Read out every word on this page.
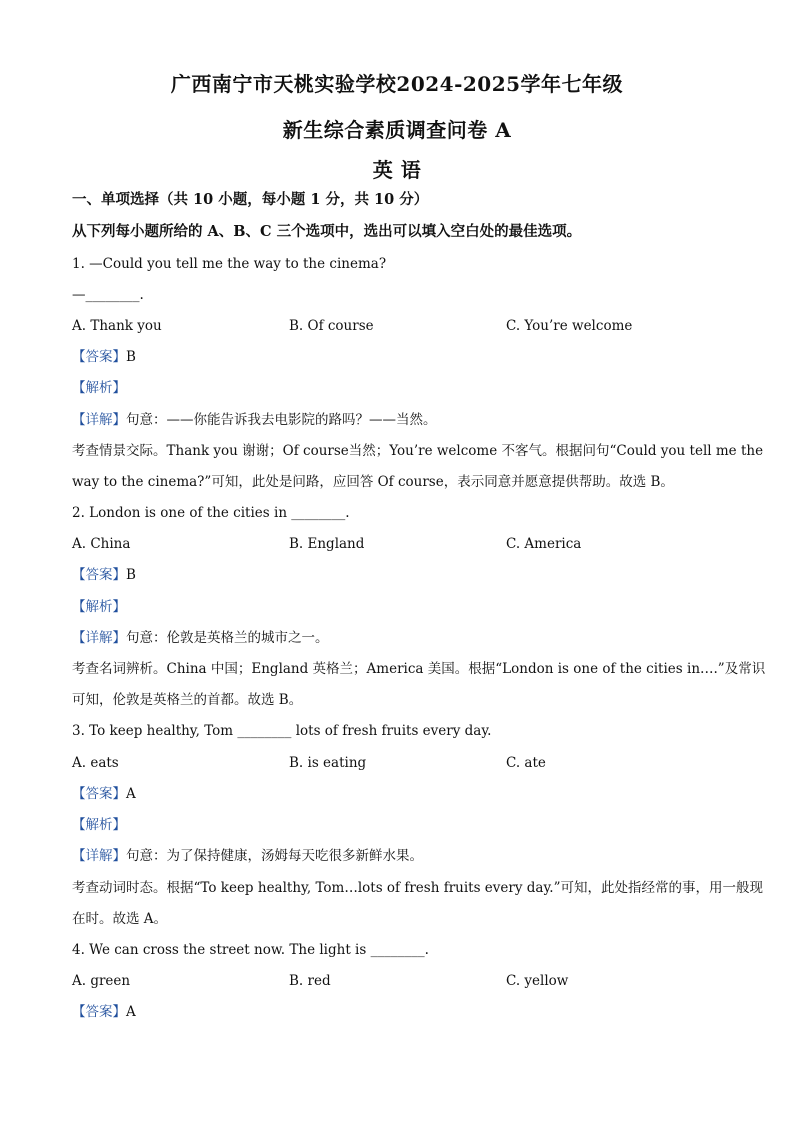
广西南宁市天桃实验学校2024-2025学年七年级
新生综合素质调查问卷 A
英 语
一、单项选择（共 10 小题，每小题 1 分，共 10 分）
从下列每小题所给的 A、B、C 三个选项中，选出可以填入空白处的最佳选项。
1. —Could you tell me the way to the cinema?
—________.
A. Thank you	B. Of course	C. You’re welcome
【答案】B
【解析】
【详解】句意：——你能告诉我去电影院的路吗？——当然。
考查情景交际。Thank you 谢谢；Of course当然；You’re welcome 不客气。根据问句“Could you tell me the
way to the cinema?”可知，此处是问路，应回答 Of course，表示同意并愿意提供帮助。故选 B。
2. London is one of the cities in ________.
A. China	B. England	C. America
【答案】B
【解析】
【详解】句意：伦敦是英格兰的城市之一。
考查名词辨析。China 中国；England 英格兰；America 美国。根据“London is one of the cities in….”及常识
可知，伦敦是英格兰的首都。故选 B。
3. To keep healthy, Tom ________ lots of fresh fruits every day.
A. eats	B. is eating	C. ate
【答案】A
【解析】
【详解】句意：为了保持健康，汤姆每天吃很多新鲜水果。
考查动词时态。根据“To keep healthy, Tom…lots of fresh fruits every day.”可知，此处指经常的事，用一般现
在时。故选 A。
4. We can cross the street now. The light is ________.
A. green	B. red	C. yellow
【答案】A
